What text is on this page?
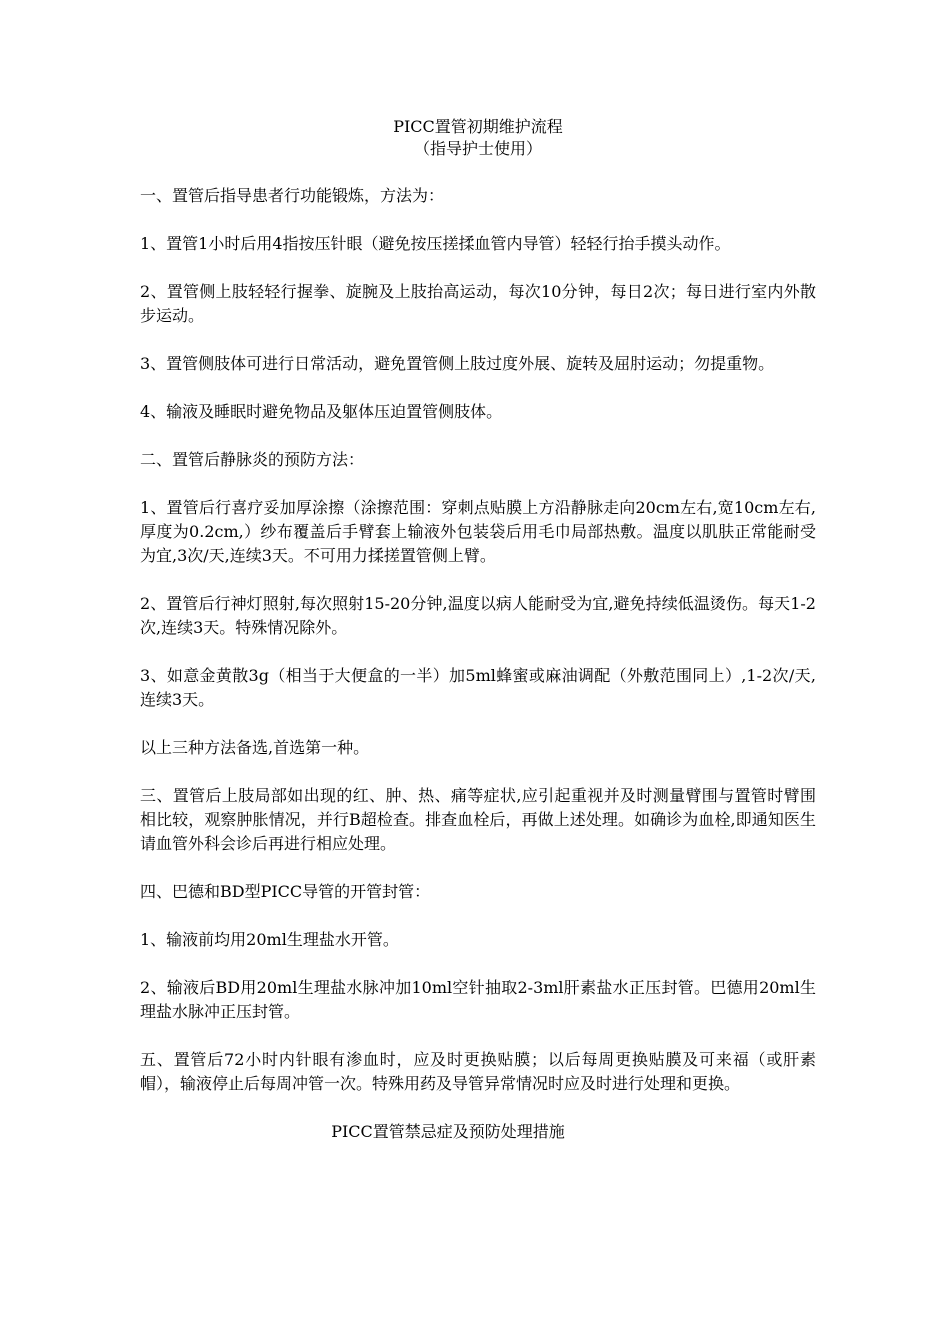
PICC置管初期维护流程

（指导护士使用）

一、置管后指导患者行功能锻炼，方法为：

1、置管1小时后用4指按压针眼（避免按压搓揉血管内导管）轻轻行抬手摸头动作。

2、置管侧上肢轻轻行握拳、旋腕及上肢抬高运动，每次10分钟，每日2次；每日进行室内外散步运动。

3、置管侧肢体可进行日常活动，避免置管侧上肢过度外展、旋转及屈肘运动；勿提重物。

4、输液及睡眠时避免物品及躯体压迫置管侧肢体。

二、置管后静脉炎的预防方法：

1、置管后行喜疗妥加厚涂擦（涂擦范围：穿刺点贴膜上方沿静脉走向20cm左右,宽10cm左右,厚度为0.2cm,）纱布覆盖后手臂套上输液外包装袋后用毛巾局部热敷。温度以肌肤正常能耐受为宜,3次/天,连续3天。不可用力揉搓置管侧上臂。

2、置管后行神灯照射,每次照射15-20分钟,温度以病人能耐受为宜,避免持续低温烫伤。每天1-2次,连续3天。特殊情况除外。

3、如意金黄散3g（相当于大便盒的一半）加5ml蜂蜜或麻油调配（外敷范围同上）,1-2次/天,连续3天。

以上三种方法备选,首选第一种。

三、置管后上肢局部如出现的红、肿、热、痛等症状,应引起重视并及时测量臂围与置管时臂围相比较，观察肿胀情况，并行B超检查。排查血栓后，再做上述处理。如确诊为血栓,即通知医生请血管外科会诊后再进行相应处理。

四、巴德和BD型PICC导管的开管封管：

1、输液前均用20ml生理盐水开管。

2、输液后BD用20ml生理盐水脉冲加10ml空针抽取2-3ml肝素盐水正压封管。巴德用20ml生理盐水脉冲正压封管。

五、置管后72小时内针眼有渗血时，应及时更换贴膜；以后每周更换贴膜及可来福（或肝素帽），输液停止后每周冲管一次。特殊用药及导管异常情况时应及时进行处理和更换。

PICC置管禁忌症及预防处理措施
